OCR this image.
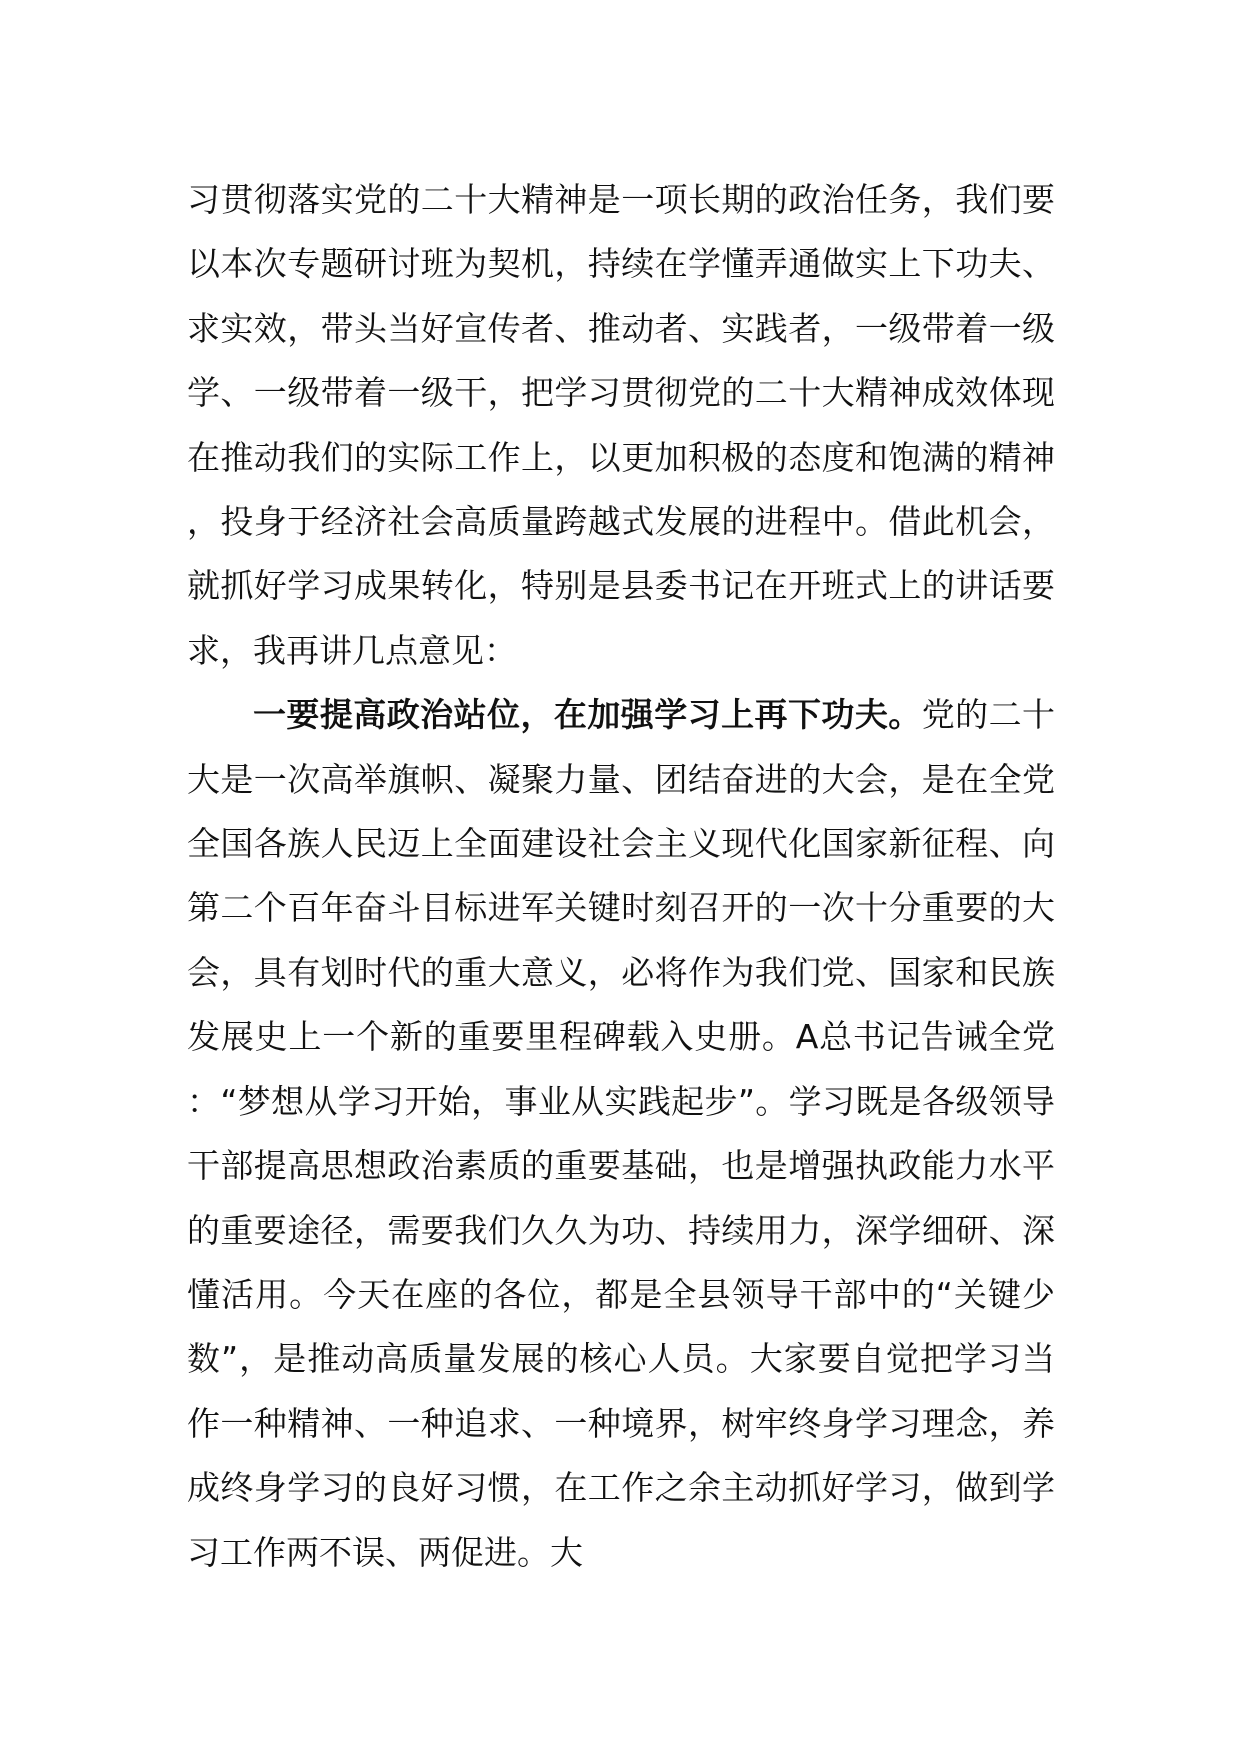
习贯彻落实党的二十大精神是一项长期的政治任务，我们要以本次专题研讨班为契机，持续在学懂弄通做实上下功夫、求实效，带头当好宣传者、推动者、实践者，一级带着一级学、一级带着一级干，把学习贯彻党的二十大精神成效体现在推动我们的实际工作上，以更加积极的态度和饱满的精神，投身于经济社会高质量跨越式发展的进程中。借此机会，就抓好学习成果转化，特别是县委书记在开班式上的讲话要求，我再讲几点意见：

一要提高政治站位，在加强学习上再下功夫。党的二十大是一次高举旗帜、凝聚力量、团结奋进的大会，是在全党全国各族人民迈上全面建设社会主义现代化国家新征程、向第二个百年奋斗目标进军关键时刻召开的一次十分重要的大会，具有划时代的重大意义，必将作为我们党、国家和民族发展史上一个新的重要里程碑载入史册。A总书记告诫全党：“梦想从学习开始，事业从实践起步”。学习既是各级领导干部提高思想政治素质的重要基础，也是增强执政能力水平的重要途径，需要我们久久为功、持续用力，深学细研、深懂活用。今天在座的各位，都是全县领导干部中的“关键少数”，是推动高质量发展的核心人员。大家要自觉把学习当作一种精神、一种追求、一种境界，树牢终身学习理念，养成终身学习的良好习惯，在工作之余主动抓好学习，做到学习工作两不误、两促进。大
